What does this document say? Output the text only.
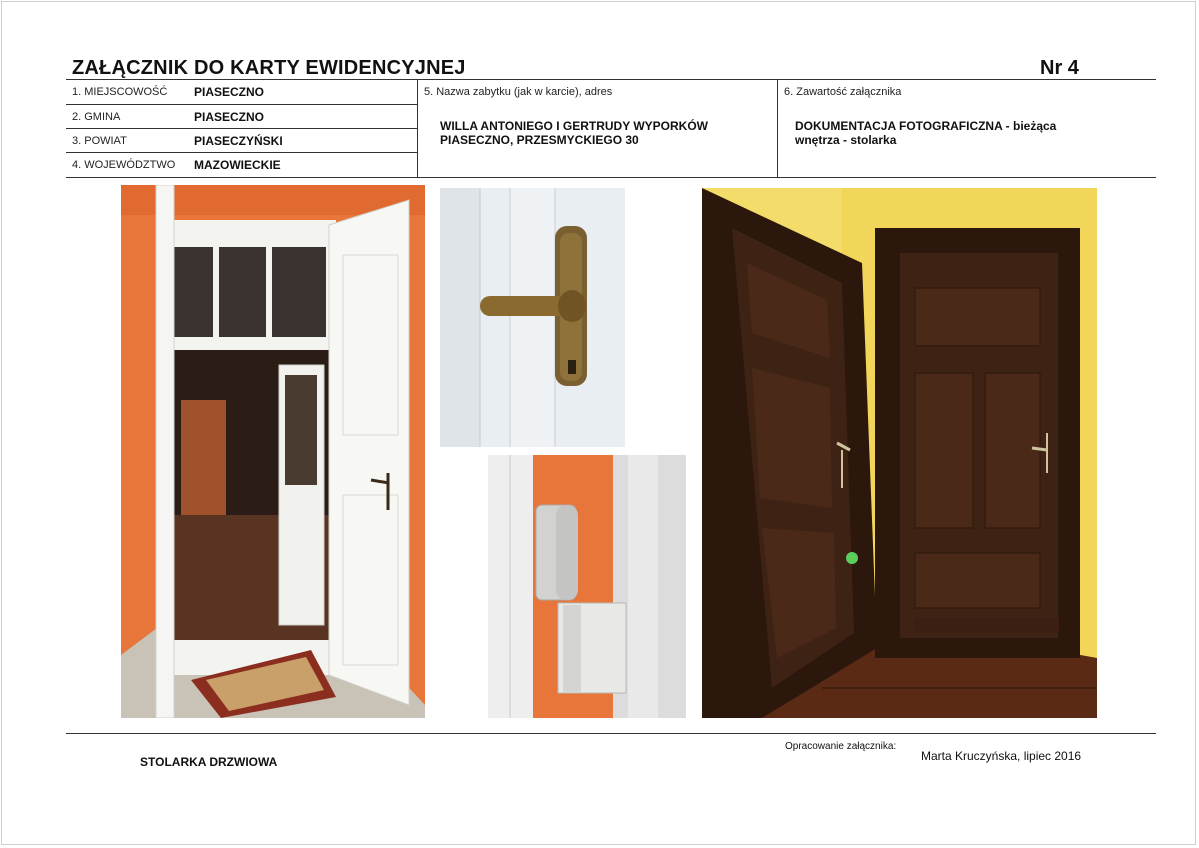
ZAŁĄCZNIK DO KARTY EWIDENCYJNEJ	Nr 4
1. MIEJSCOWOŚĆ PIASECZNO
2. GMINA	PIASECZNO
3. POWIAT	PIASECZYŃSKI
4. WOJEWÓDZTWO MAZOWIECKIE
5. Nazwa zabytku (jak w karcie), adres
WILLA ANTONIEGO I GERTRUDY WYPORKÓW
PIASECZNO, PRZESMYCKIEGO 30
6. Zawartość załącznika
DOKUMENTACJA FOTOGRAFICZNA - bieżąca
wnętrza - stolarka
STOLARKA DRZWIOWA
Opracowanie załącznika:
Marta Kruczyńska, lipiec 2016
